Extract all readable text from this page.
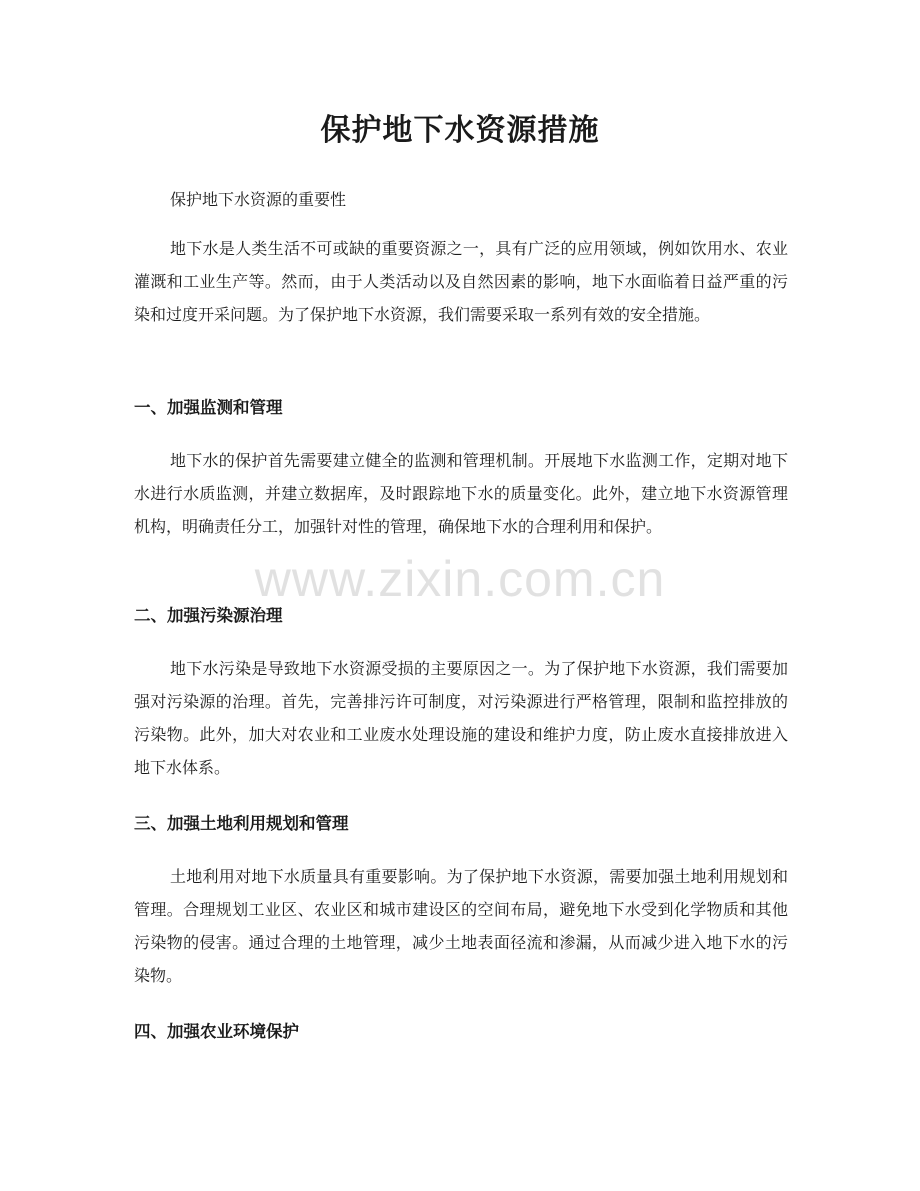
保护地下水资源措施

保护地下水资源的重要性

地下水是人类生活不可或缺的重要资源之一，具有广泛的应用领域，例如饮用水、农业灌溉和工业生产等。然而，由于人类活动以及自然因素的影响，地下水面临着日益严重的污染和过度开采问题。为了保护地下水资源，我们需要采取一系列有效的安全措施。

一、加强监测和管理

地下水的保护首先需要建立健全的监测和管理机制。开展地下水监测工作，定期对地下水进行水质监测，并建立数据库，及时跟踪地下水的质量变化。此外，建立地下水资源管理机构，明确责任分工，加强针对性的管理，确保地下水的合理利用和保护。

二、加强污染源治理

地下水污染是导致地下水资源受损的主要原因之一。为了保护地下水资源，我们需要加强对污染源的治理。首先，完善排污许可制度，对污染源进行严格管理，限制和监控排放的污染物。此外，加大对农业和工业废水处理设施的建设和维护力度，防止废水直接排放进入地下水体系。

三、加强土地利用规划和管理

土地利用对地下水质量具有重要影响。为了保护地下水资源，需要加强土地利用规划和管理。合理规划工业区、农业区和城市建设区的空间布局，避免地下水受到化学物质和其他污染物的侵害。通过合理的土地管理，减少土地表面径流和渗漏，从而减少进入地下水的污染物。

四、加强农业环境保护
www.zixin.com.cn
